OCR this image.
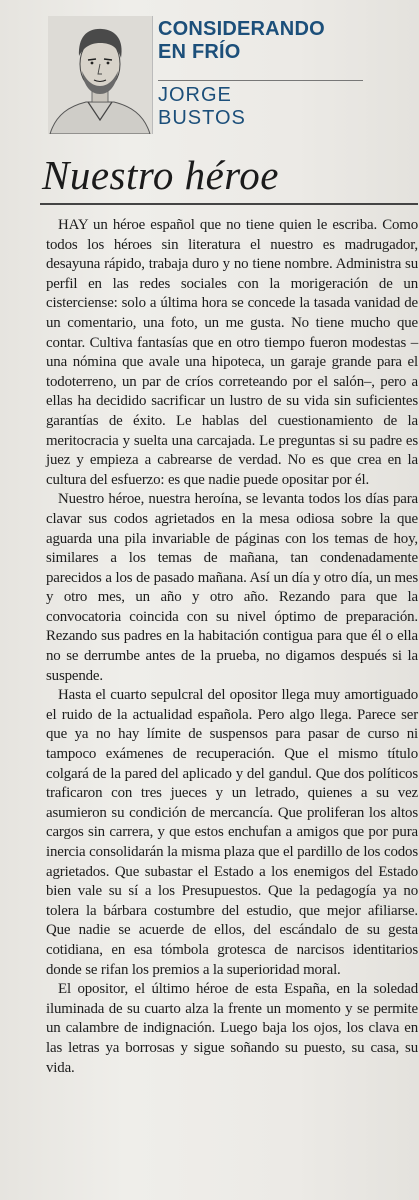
CONSIDERANDO
EN FRÍO
JORGE
BUSTOS
Nuestro héroe

HAY un héroe español que no tiene quien le escriba. Como todos los héroes sin literatura el nuestro es madrugador, desayuna rápido, trabaja duro y no tiene nombre. Administra su perfil en las redes sociales con la morigeración de un cisterciense: solo a última hora se concede la tasada vanidad de un comentario, una foto, un me gusta. No tiene mucho que contar. Cultiva fantasías que en otro tiempo fueron modestas –una nómina que avale una hipoteca, un garaje grande para el todoterreno, un par de críos correteando por el salón–, pero a ellas ha decidido sacrificar un lustro de su vida sin suficientes garantías de éxito. Le hablas del cuestionamiento de la meritocracia y suelta una carcajada. Le preguntas si su padre es juez y empieza a cabrearse de verdad. No es que crea en la cultura del esfuerzo: es que nadie puede opositar por él.

Nuestro héroe, nuestra heroína, se levanta todos los días para clavar sus codos agrietados en la mesa odiosa sobre la que aguarda una pila invariable de páginas con los temas de hoy, similares a los temas de mañana, tan condenadamente parecidos a los de pasado mañana. Así un día y otro día, un mes y otro mes, un año y otro año. Rezando para que la convocatoria coincida con su nivel óptimo de preparación. Rezando sus padres en la habitación contigua para que él o ella no se derrumbe antes de la prueba, no digamos después si la suspende.

Hasta el cuarto sepulcral del opositor llega muy amortiguado el ruido de la actualidad española. Pero algo llega. Parece ser que ya no hay límite de suspensos para pasar de curso ni tampoco exámenes de recuperación. Que el mismo título colgará de la pared del aplicado y del gandul. Que dos políticos traficaron con tres jueces y un letrado, quienes a su vez asumieron su condición de mercancía. Que proliferan los altos cargos sin carrera, y que estos enchufan a amigos que por pura inercia consolidarán la misma plaza que el pardillo de los codos agrietados. Que subastar el Estado a los enemigos del Estado bien vale su sí a los Presupuestos. Que la pedagogía ya no tolera la bárbara costumbre del estudio, que mejor afiliarse. Que nadie se acuerde de ellos, del escándalo de su gesta cotidiana, en esa tómbola grotesca de narcisos identitarios donde se rifan los premios a la superioridad moral.

El opositor, el último héroe de esta España, en la soledad iluminada de su cuarto alza la frente un momento y se permite un calambre de indignación. Luego baja los ojos, los clava en las letras ya borrosas y sigue soñando su puesto, su casa, su vida.
